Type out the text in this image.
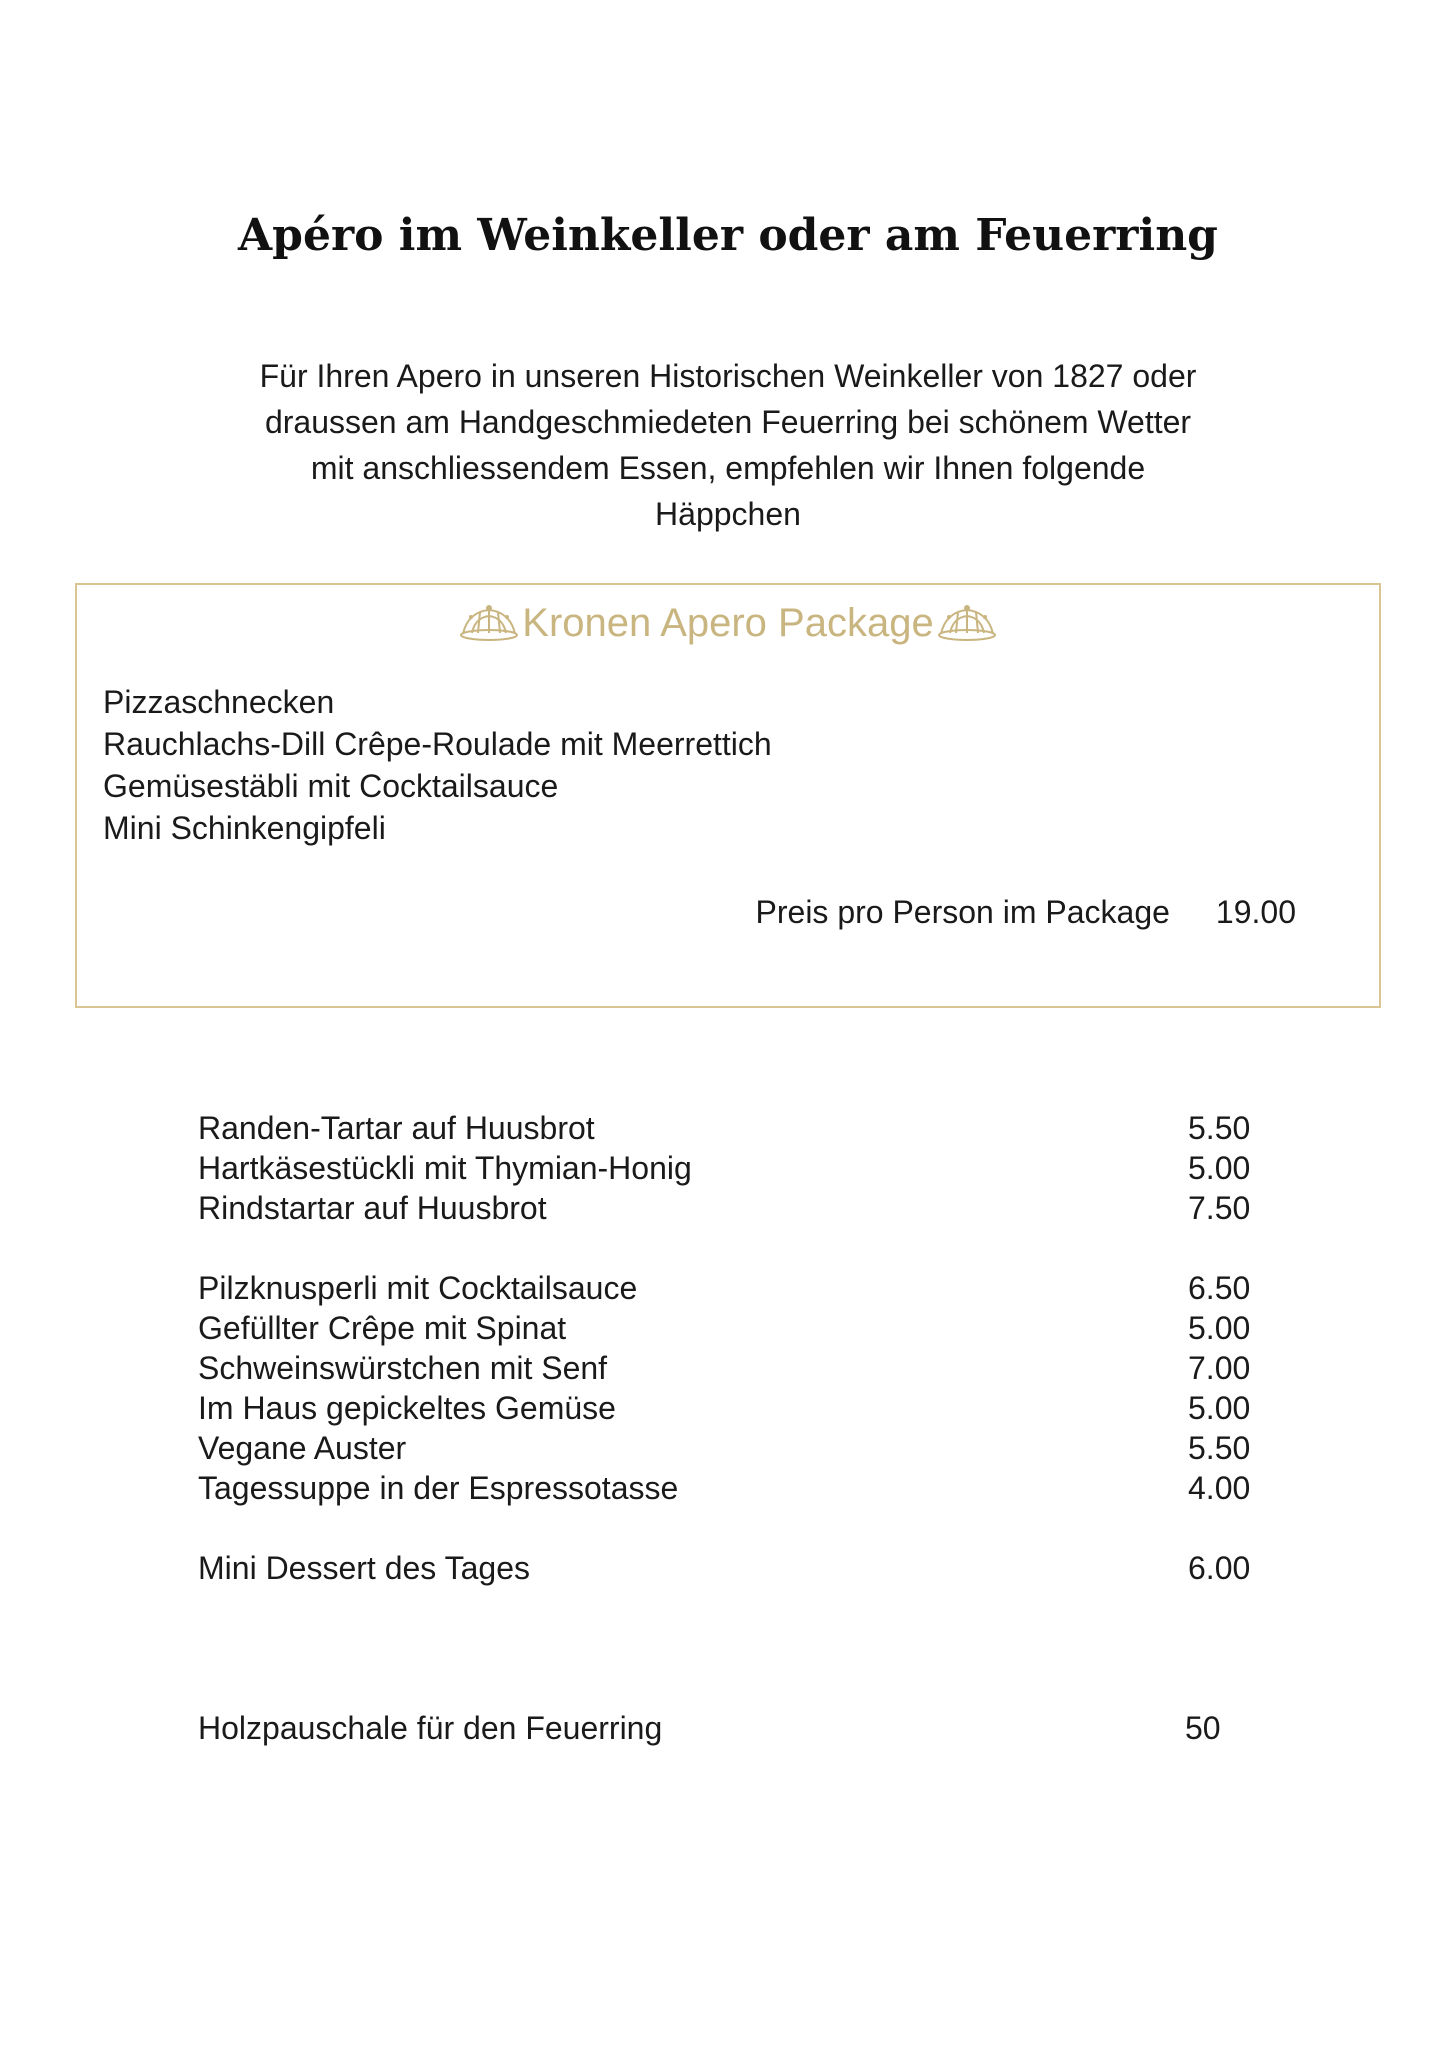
Apéro im Weinkeller oder am Feuerring
Für Ihren Apero in unseren Historischen Weinkeller von 1827 oder
draussen am Handgeschmiedeten Feuerring bei schönem Wetter
mit anschliessendem Essen, empfehlen wir Ihnen folgende
Häppchen
Kronen Apero Package
Pizzaschnecken
Rauchlachs-Dill Crêpe-Roulade mit Meerrettich
Gemüsestäbli mit Cocktailsauce
Mini Schinkengipfeli
Preis pro Person im Package 19.00
Randen-Tartar auf Huusbrot	5.50
Hartkäsestückli mit Thymian-Honig	5.00
Rindstartar auf Huusbrot	7.50
Pilzknusperli mit Cocktailsauce	6.50
Gefüllter Crêpe mit Spinat	5.00
Schweinswürstchen mit Senf	7.00
Im Haus gepickeltes Gemüse	5.00
Vegane Auster	5.50
Tagessuppe in der Espressotasse	4.00
Mini Dessert des Tages	6.00
Holzpauschale für den Feuerring	50
